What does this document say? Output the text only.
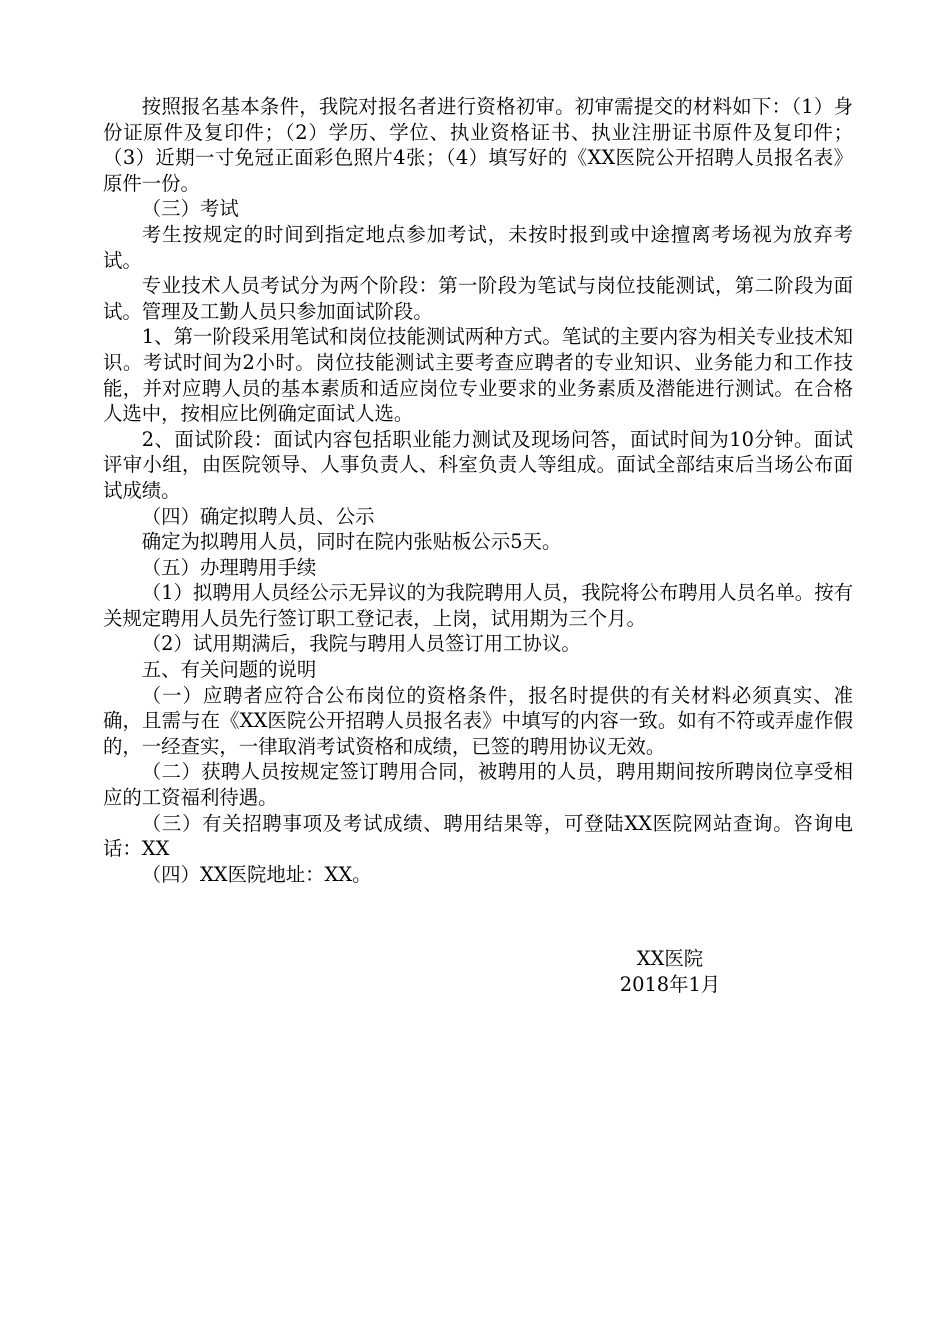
按照报名基本条件，我院对报名者进行资格初审。初审需提交的材料如下：（1）身份证原件及复印件；（2）学历、学位、执业资格证书、执业注册证书原件及复印件；（3）近期一寸免冠正面彩色照片4张；（4）填写好的《XX医院公开招聘人员报名表》原件一份。

（三）考试

考生按规定的时间到指定地点参加考试，未按时报到或中途擅离考场视为放弃考试。

专业技术人员考试分为两个阶段：第一阶段为笔试与岗位技能测试，第二阶段为面试。管理及工勤人员只参加面试阶段。

1、第一阶段采用笔试和岗位技能测试两种方式。笔试的主要内容为相关专业技术知识。考试时间为2小时。岗位技能测试主要考查应聘者的专业知识、业务能力和工作技能，并对应聘人员的基本素质和适应岗位专业要求的业务素质及潜能进行测试。在合格人选中，按相应比例确定面试人选。

2、面试阶段：面试内容包括职业能力测试及现场问答，面试时间为10分钟。面试评审小组，由医院领导、人事负责人、科室负责人等组成。面试全部结束后当场公布面试成绩。

（四）确定拟聘人员、公示

确定为拟聘用人员，同时在院内张贴板公示5天。

（五）办理聘用手续

（1）拟聘用人员经公示无异议的为我院聘用人员，我院将公布聘用人员名单。按有关规定聘用人员先行签订职工登记表，上岗，试用期为三个月。

（2）试用期满后，我院与聘用人员签订用工协议。

五、有关问题的说明

（一）应聘者应符合公布岗位的资格条件，报名时提供的有关材料必须真实、准确，且需与在《XX医院公开招聘人员报名表》中填写的内容一致。如有不符或弄虚作假的，一经查实，一律取消考试资格和成绩，已签的聘用协议无效。

（二）获聘人员按规定签订聘用合同，被聘用的人员，聘用期间按所聘岗位享受相应的工资福利待遇。

（三）有关招聘事项及考试成绩、聘用结果等，可登陆XX医院网站查询。咨询电话：XX

（四）XX医院地址：XX。

XX医院
2018年1月
